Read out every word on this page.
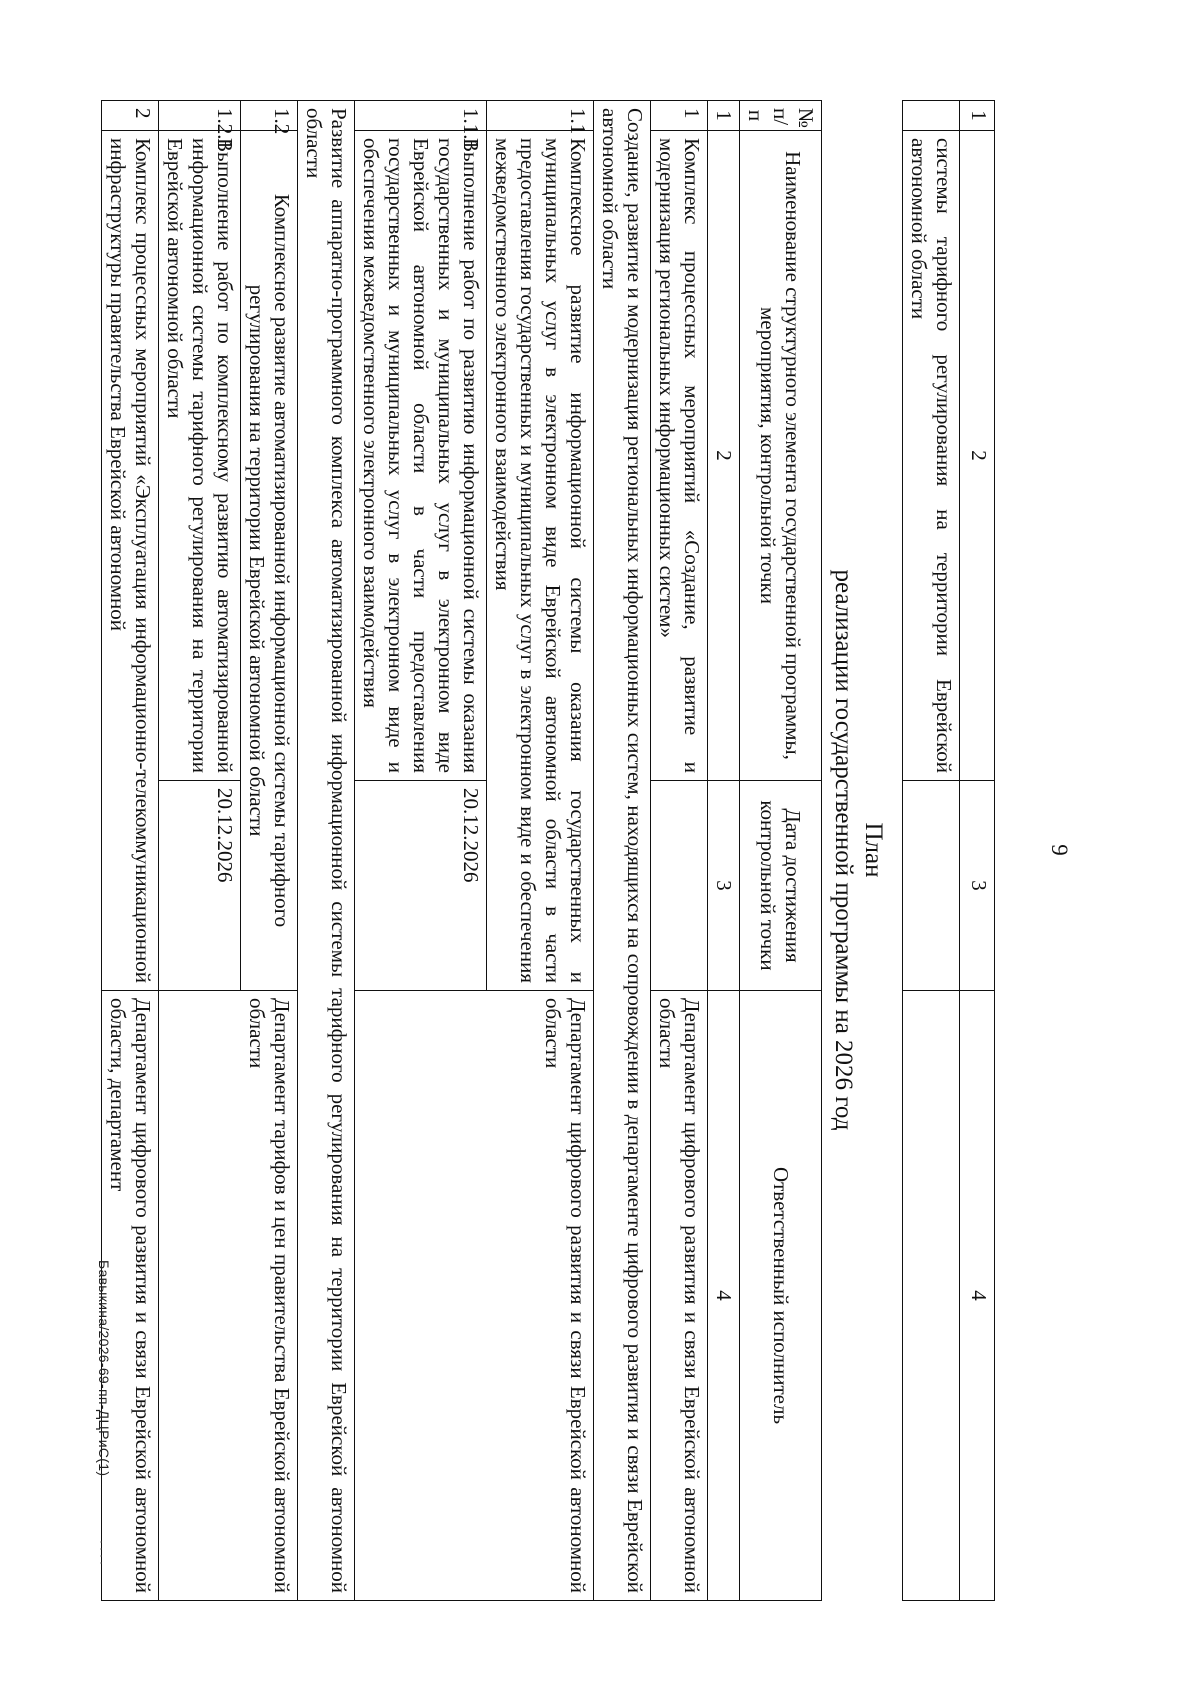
9
1	2	3	4
	системы тарифного регулирования на территории Еврейской автономной области		
План
реализации государственной программы на 2026 год
№ п/п	Наименование структурного элемента государственной программы, мероприятия, контрольной точки	Дата достижения контрольной точки	Ответственный исполнитель
1	2	3	4
1	Комплекс процессных мероприятий «Создание, развитие и модернизация региональных информационных систем»		Департамент цифрового развития и связи Еврейской автономной области
Создание, развитие и модернизация региональных информационных систем, находящихся на сопровождении в департаменте цифрового развития и связи Еврейской автономной области			
1.1	Комплексное развитие информационной системы оказания государственных и муниципальных услуг в электронном виде Еврейской автономной области в части предоставления государственных и муниципальных услуг в электронном виде и обеспечения межведомственного электронного взаимодействия		Департамент цифрового развития и связи Еврейской автономной области
1.1.1	Выполнение работ по развитию информационной системы оказания государственных и муниципальных услуг в электронном виде Еврейской автономной области в части предоставления государственных и муниципальных услуг в электронном виде и обеспечения межведомственного электронного взаимодействия	20.12.2026	
Развитие аппаратно-программного комплекса автоматизированной информационной системы тарифного регулирования на территории Еврейской автономной области			
1.2	Комплексное развитие автоматизированной информационной системы тарифного регулирования на территории Еврейской автономной области		Департамент тарифов и цен правительства Еврейской автономной области
1.2.1	Выполнение работ по комплексному развитию автоматизированной информационной системы тарифного регулирования на территории Еврейской автономной области	20.12.2026	
2	Комплекс процессных мероприятий «Эксплуатация информационно-телекоммуникационной инфраструктуры правительства Еврейской автономной		Департамент цифрового развития и связи Еврейской автономной области, департамент
Бавыкина/2026-69-пп-ДЦРиС(1)
· · · ·
